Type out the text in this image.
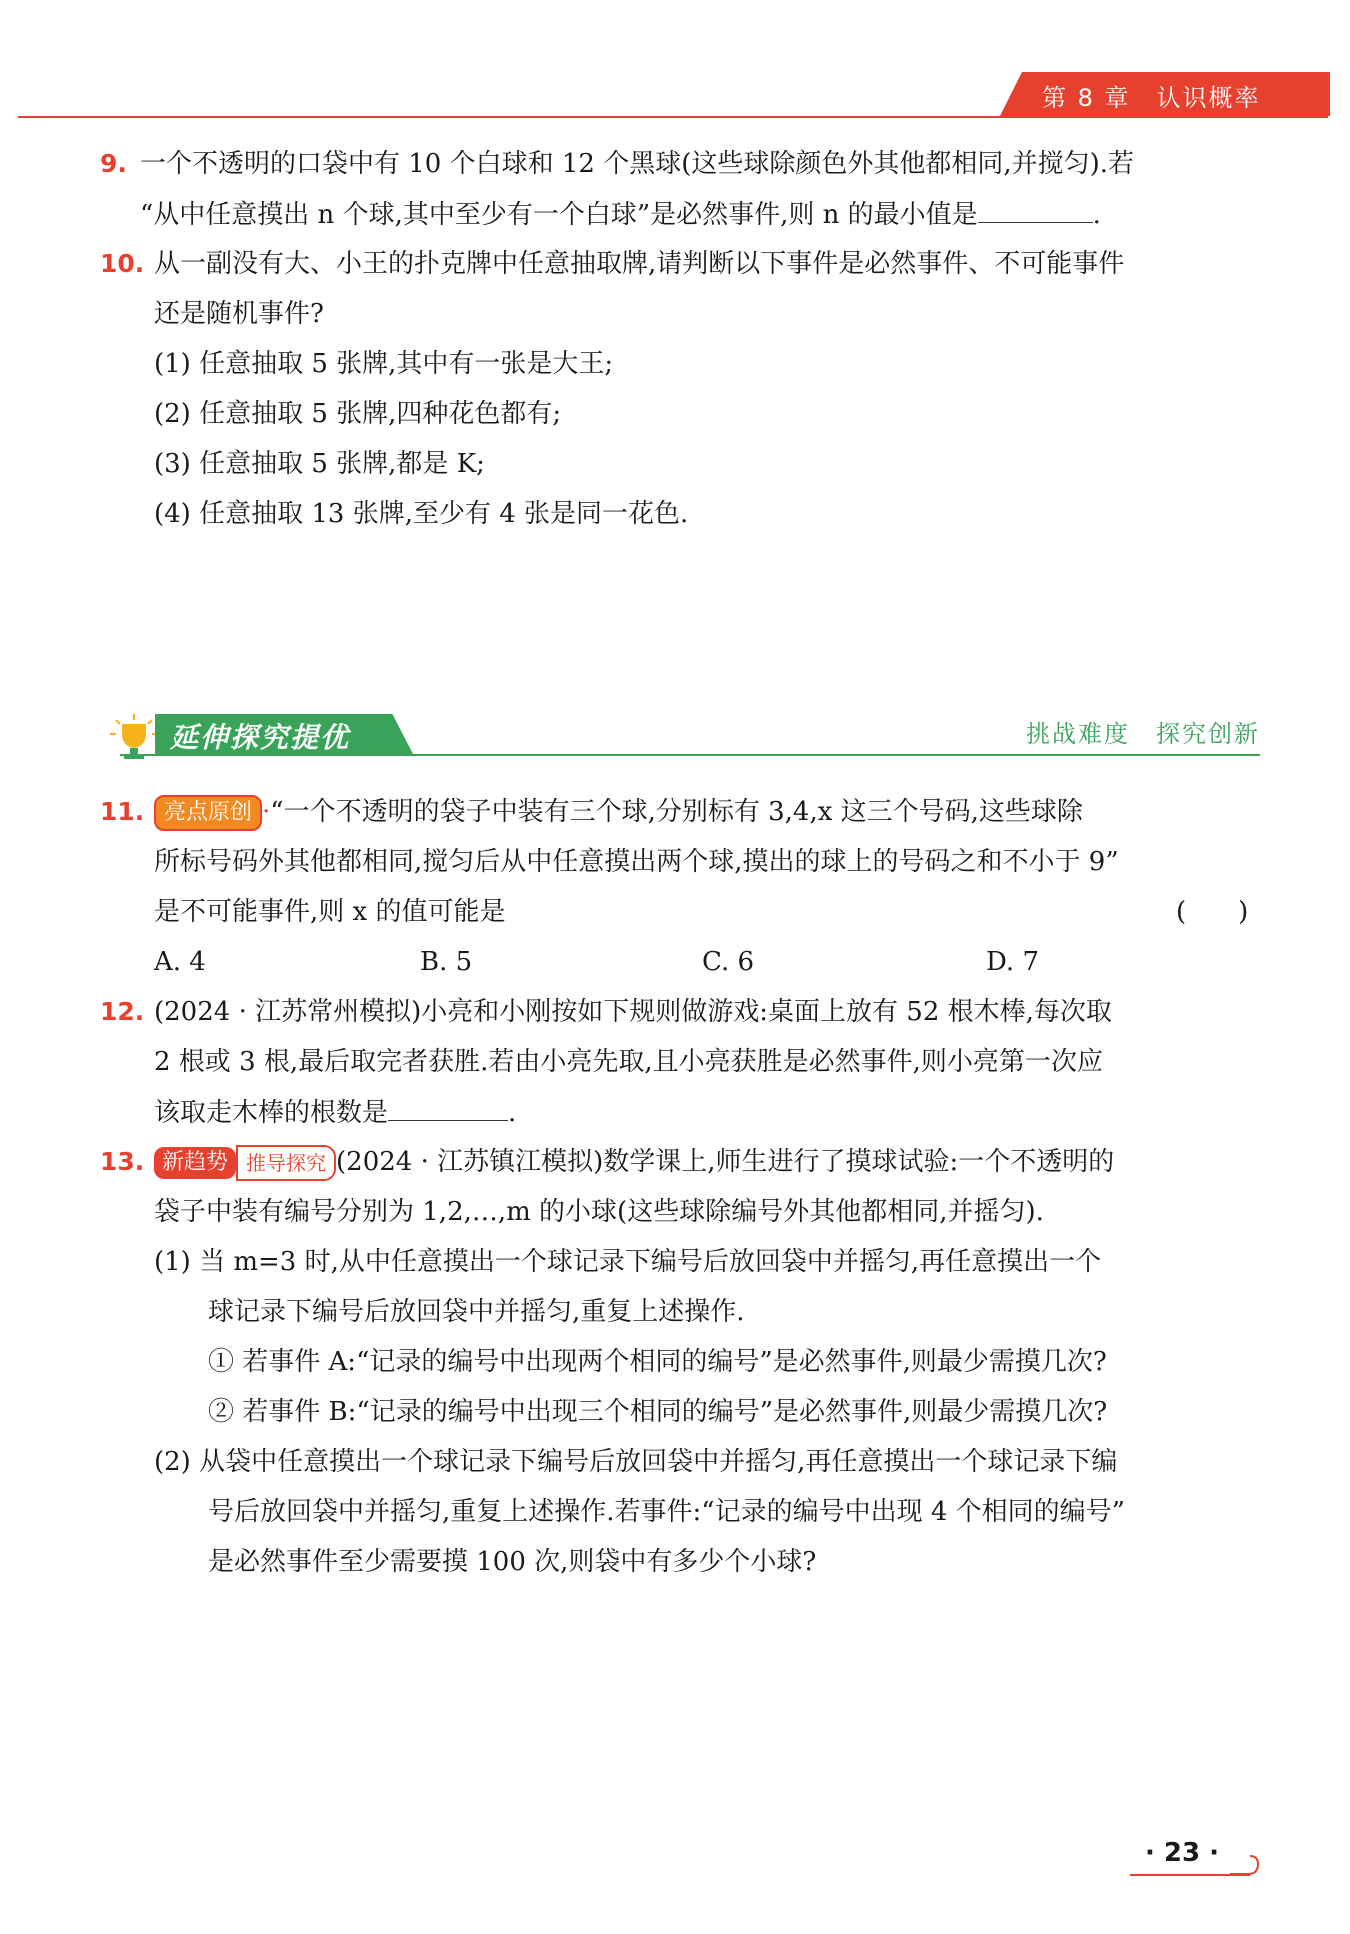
第 8 章　认识概率
9. 一个不透明的口袋中有 10 个白球和 12 个黑球(这些球除颜色外其他都相同,并搅匀).若
“从中任意摸出 n 个球,其中至少有一个白球”是必然事件,则 n 的最小值是	.
10. 从一副没有大、小王的扑克牌中任意抽取牌,请判断以下事件是必然事件、不可能事件
还是随机事件?
(1) 任意抽取 5 张牌,其中有一张是大王;
(2) 任意抽取 5 张牌,四种花色都有;
(3) 任意抽取 5 张牌,都是 K;
(4) 任意抽取 13 张牌,至少有 4 张是同一花色.
延伸探究提优	挑战难度　探究创新
11. 亮点原创 ·“一个不透明的袋子中装有三个球,分别标有 3,4,x 这三个号码,这些球除
所标号码外其他都相同,搅匀后从中任意摸出两个球,摸出的球上的号码之和不小于 9”
是不可能事件,则 x 的值可能是	(　　)
A. 4	B. 5	C. 6	D. 7
12. (2024 · 江苏常州模拟)小亮和小刚按如下规则做游戏:桌面上放有 52 根木棒,每次取
2 根或 3 根,最后取完者获胜.若由小亮先取,且小亮获胜是必然事件,则小亮第一次应
该取走木棒的根数是	.
13. 新趋势 推导探究 (2024 · 江苏镇江模拟)数学课上,师生进行了摸球试验:一个不透明的
袋子中装有编号分别为 1,2,…,m 的小球(这些球除编号外其他都相同,并摇匀).
(1) 当 m=3 时,从中任意摸出一个球记录下编号后放回袋中并摇匀,再任意摸出一个
球记录下编号后放回袋中并摇匀,重复上述操作.
① 若事件 A:“记录的编号中出现两个相同的编号”是必然事件,则最少需摸几次?
② 若事件 B:“记录的编号中出现三个相同的编号”是必然事件,则最少需摸几次?
(2) 从袋中任意摸出一个球记录下编号后放回袋中并摇匀,再任意摸出一个球记录下编
号后放回袋中并摇匀,重复上述操作.若事件:“记录的编号中出现 4 个相同的编号”
是必然事件至少需要摸 100 次,则袋中有多少个小球?
· 23 ·
